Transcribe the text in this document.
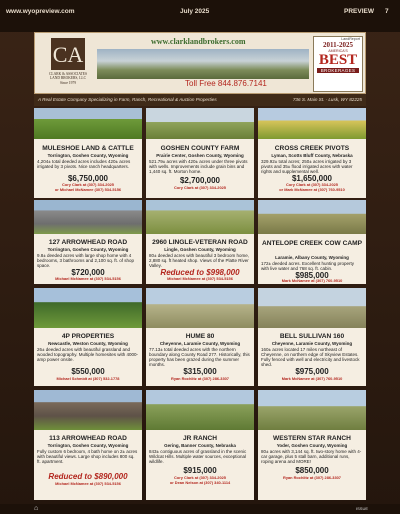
www.wyopreview.com	July 2025	PREVIEW 7
CA
CLARK & ASSOCIATES
LAND BROKERS, LLC
Since 1979
www.clarklandbrokers.com
Toll Free 844.876.7141
LandReport
2011-2025
AMERICA'S
BEST
BROKERAGES
A Real Estate Company Specializing in Farm, Ranch, Recreational & Auction Properties	736 S. Main St. · Lusk, WY 82225
MULESHOE LAND & CATTLE
Torrington, Goshen County, Wyoming
4,204± total deeded acres includes 420± acres irrigated by 3 pivots. Nice ranch headquarters.
$6,750,000
Cory Clark at (307) 334-2025
or Michael McNamee (307) 534-5156
GOSHEN COUNTY FARM
Prairie Center, Goshen County, Wyoming
521.79± acres with 420± acres under three pivots with wells. Improvements include grain bins and 1,440 sq. ft. Morton home.
$2,700,000
Cory Clark at (307) 334-2025
CROSS CREEK PIVOTS
Lyman, Scotts Bluff County, Nebraska
329.92± total acres; 250± acres irrigated by 3 pivots and 35± flood irrigated acres with water rights and supplemental well.
$1,650,000
Cory Clark at (307) 334-2025
or Mark McNamee at (307) 760-9510
127 ARROWHEAD ROAD
Torrington, Goshen County, Wyoming
9.8± deeded acres with large shop home with 4 bedrooms, 3 bathrooms and 2,100 sq. ft. of shop space.
$720,000
Michael McNamee at (307) 534-5156
2960 LINGLE-VETERAN ROAD
Lingle, Goshen County, Wyoming
80± deeded acres with beautiful 3 bedroom home, 2,880 sq. ft heated shop. Views of the Platte River Valley.
Reduced to $998,000
Michael McNamee at (307) 534-5156
ANTELOPE CREEK COW CAMP
Laramie, Albany County, Wyoming
172± deeded acres. Excellent hunting property with live water and 768 sq. ft. cabin.
$985,000
Mark McNamee at (307) 760-9510
4P PROPERTIES
Newcastle, Weston County, Wyoming
26± deeded acres with beautiful grassland and wooded topography. Multiple homesites with 4000-amp power onsite.
$550,000
Michael Schmidt at (307) 532-1778
HUME 80
Cheyenne, Laramie County, Wyoming
77.13± total deeded acres with the northern boundary along County Road 277. Historically, this property has been grazed during the summer months.
$315,000
Ryan Rochlitz at (307) 286-3307
BELL SULLIVAN 160
Cheyenne, Laramie County, Wyoming
160± acres located 17 miles northeast of Cheyenne, on northern edge of Skyview Estates. Fully fenced with well and electricity and livestock shed.
$975,000
Mark McNamee at (307) 760-9510
113 ARROWHEAD ROAD
Torrington, Goshen County, Wyoming
Fully custom 6 bedroom, 4 bath home on 2± acres with beautiful views. Large shop includes 800 sq. ft. apartment.
Reduced to $890,000
Michael McNamee at (307) 534-5156
JR RANCH
Gering, Banner County, Nebraska
843± contiguous acres of grassland in the scenic Wildcat Hills. Multiple water sources, exceptional wildlife.
$915,000
Cory Clark at (307) 334-2025
or Dean Nelson at (307) 340-1114
WESTERN STAR RANCH
Yoder, Goshen County, Wyoming
80± acres with 3,144 sq. ft. two-story home with 4-car garage, plus 5 stall barn, additional runs, roping arena and MORE!
$850,000
Ryan Rochlitz at (307) 286-3307
⌂	ISSUE
